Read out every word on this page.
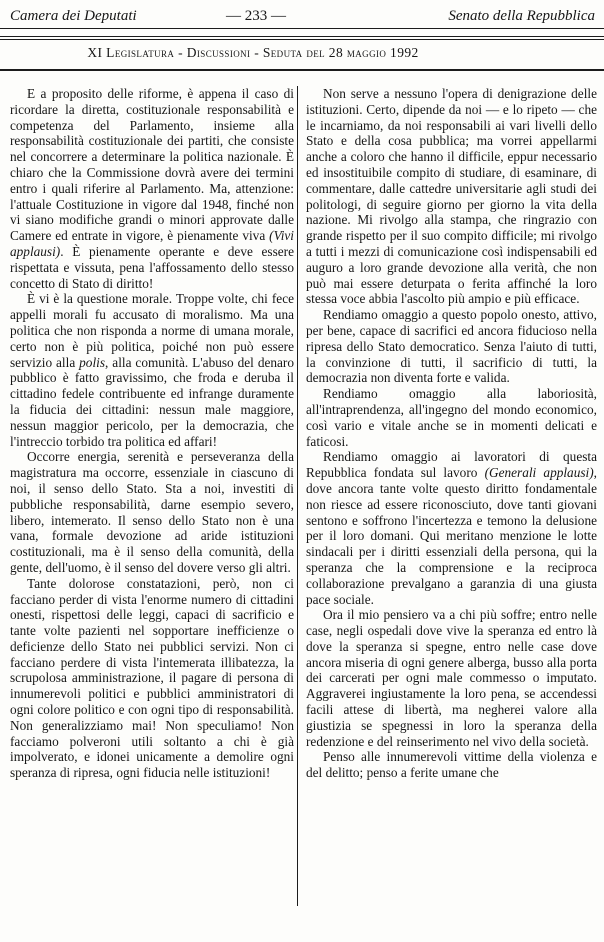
Camera dei Deputati	— 233 —	Senato della Repubblica
XI Legislatura - Discussioni - Seduta del 28 maggio 1992

E a proposito delle riforme, è appena il caso di ricordare la diretta, costituzionale responsabilità e competenza del Parlamento, insieme alla responsabilità costituzionale dei partiti, che consiste nel concorrere a determinare la politica nazionale. È chiaro che la Commissione dovrà avere dei termini entro i quali riferire al Parlamento. Ma, attenzione: l'attuale Costituzione in vigore dal 1948, finché non vi siano modifiche grandi o minori approvate dalle Camere ed entrate in vigore, è pienamente viva (Vivi applausi). È pienamente operante e deve essere rispettata e vissuta, pena l'affossamento dello stesso concetto di Stato di diritto!

È vi è la questione morale. Troppe volte, chi fece appelli morali fu accusato di moralismo. Ma una politica che non risponda a norme di umana morale, certo non è più politica, poiché non può essere servizio alla polis, alla comunità. L'abuso del denaro pubblico è fatto gravissimo, che froda e deruba il cittadino fedele contribuente ed infrange duramente la fiducia dei cittadini: nessun male maggiore, nessun maggior pericolo, per la democrazia, che l'intreccio torbido tra politica ed affari!

Occorre energia, serenità e perseveranza della magistratura ma occorre, essenziale in ciascuno di noi, il senso dello Stato. Sta a noi, investiti di pubbliche responsabilità, darne esempio severo, libero, intemerato. Il senso dello Stato non è una vana, formale devozione ad aride istituzioni costituzionali, ma è il senso della comunità, della gente, dell'uomo, è il senso del dovere verso gli altri.

Tante dolorose constatazioni, però, non ci facciano perder di vista l'enorme numero di cittadini onesti, rispettosi delle leggi, capaci di sacrificio e tante volte pazienti nel sopportare inefficienze o deficienze dello Stato nei pubblici servizi. Non ci facciano perdere di vista l'intemerata illibatezza, la scrupolosa amministrazione, il pagare di persona di innumerevoli politici e pubblici amministratori di ogni colore politico e con ogni tipo di responsabilità. Non generalizziamo mai! Non speculiamo! Non facciamo polveroni utili soltanto a chi è già impolverato, e idonei unicamente a demolire ogni speranza di ripresa, ogni fiducia nelle istituzioni!

Non serve a nessuno l'opera di denigrazione delle istituzioni. Certo, dipende da noi — e lo ripeto — che le incarniamo, da noi responsabili ai vari livelli dello Stato e della cosa pubblica; ma vorrei appellarmi anche a coloro che hanno il difficile, eppur necessario ed insostituibile compito di studiare, di esaminare, di commentare, dalle cattedre universitarie agli studi dei politologi, di seguire giorno per giorno la vita della nazione. Mi rivolgo alla stampa, che ringrazio con grande rispetto per il suo compito difficile; mi rivolgo a tutti i mezzi di comunicazione così indispensabili ed auguro a loro grande devozione alla verità, che non può mai essere deturpata o ferita affinché la loro stessa voce abbia l'ascolto più ampio e più efficace.

Rendiamo omaggio a questo popolo onesto, attivo, per bene, capace di sacrifici ed ancora fiducioso nella ripresa dello Stato democratico. Senza l'aiuto di tutti, la convinzione di tutti, il sacrificio di tutti, la democrazia non diventa forte e valida.

Rendiamo omaggio alla laboriosità, all'intraprendenza, all'ingegno del mondo economico, così vario e vitale anche se in momenti delicati e faticosi.

Rendiamo omaggio ai lavoratori di questa Repubblica fondata sul lavoro (Generali applausi), dove ancora tante volte questo diritto fondamentale non riesce ad essere riconosciuto, dove tanti giovani sentono e soffrono l'incertezza e temono la delusione per il loro domani. Qui meritano menzione le lotte sindacali per i diritti essenziali della persona, qui la speranza che la comprensione e la reciproca collaborazione prevalgano a garanzia di una giusta pace sociale.

Ora il mio pensiero va a chi più soffre; entro nelle case, negli ospedali dove vive la speranza ed entro là dove la speranza si spegne, entro nelle case dove ancora miseria di ogni genere alberga, busso alla porta dei carcerati per ogni male commesso o imputato. Aggraverei ingiustamente la loro pena, se accendessi facili attese di libertà, ma negherei valore alla giustizia se spegnessi in loro la speranza della redenzione e del reinserimento nel vivo della società.

Penso alle innumerevoli vittime della violenza e del delitto; penso a ferite umane che
